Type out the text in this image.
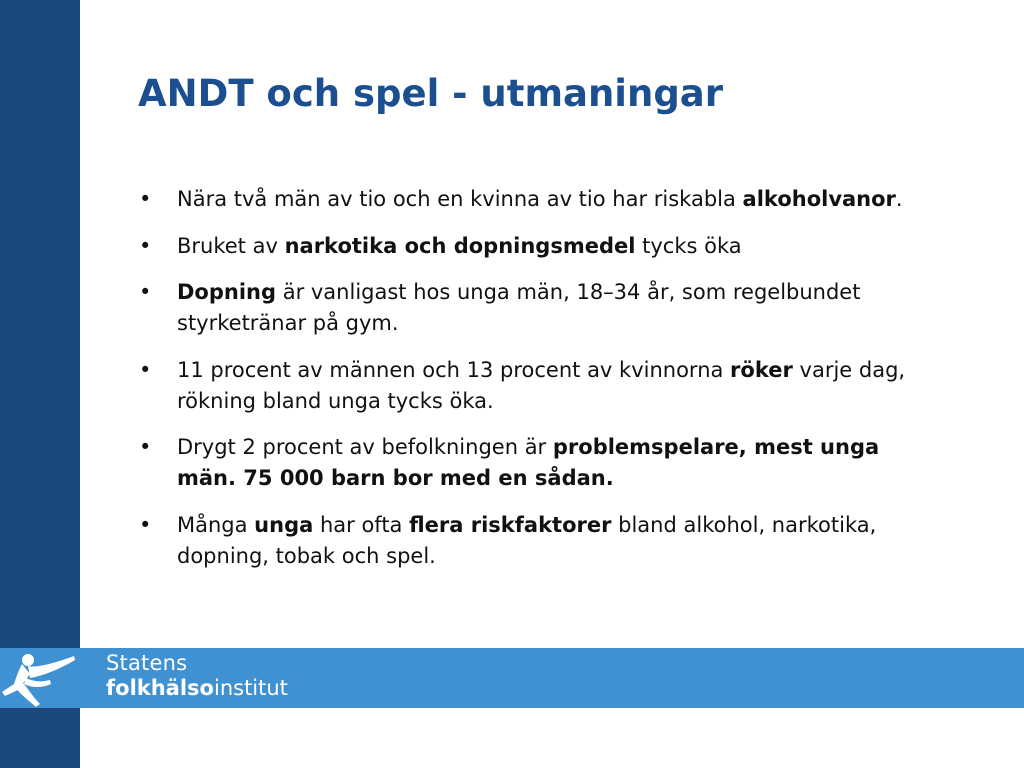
Statens
folkhälsoinstitut
ANDT och spel - utmaningar
• Nära två män av tio och en kvinna av tio har riskabla alkoholvanor.
• Bruket av narkotika och dopningsmedel tycks öka
• Dopning är vanligast hos unga män, 18–34 år, som regelbundet styrketränar på gym.
• 11 procent av männen och 13 procent av kvinnorna röker varje dag, rökning bland unga tycks öka.
• Drygt 2 procent av befolkningen är problemspelare, mest unga män. 75 000 barn bor med en sådan.
• Många unga har ofta flera riskfaktorer bland alkohol, narkotika, dopning, tobak och spel.
